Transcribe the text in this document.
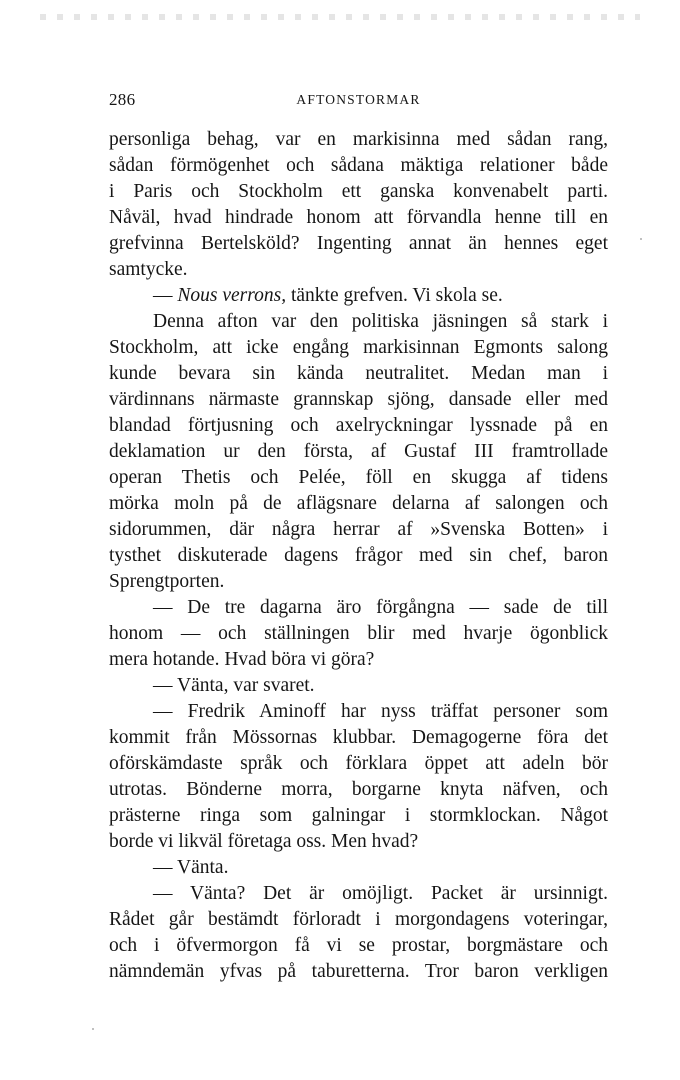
286	AFTONSTORMAR
personliga behag, var en markisinna med sådan rang,
sådan förmögenhet och sådana mäktiga relationer både
i Paris och Stockholm ett ganska konvenabelt parti.
Nåväl, hvad hindrade honom att förvandla henne till en
grefvinna Bertelsköld? Ingenting annat än hennes eget
samtycke.
— Nous verrons, tänkte grefven. Vi skola se.
Denna afton var den politiska jäsningen så stark i
Stockholm, att icke engång markisinnan Egmonts salong
kunde bevara sin kända neutralitet. Medan man i
värdinnans närmaste grannskap sjöng, dansade eller med
blandad förtjusning och axelryckningar lyssnade på en
deklamation ur den första, af Gustaf III framtrollade
operan Thetis och Pelée, föll en skugga af tidens
mörka moln på de aflägsnare delarna af salongen och
sidorummen, där några herrar af »Svenska Botten» i
tysthet diskuterade dagens frågor med sin chef, baron
Sprengtporten.
— De tre dagarna äro förgångna — sade de till
honom — och ställningen blir med hvarje ögonblick
mera hotande. Hvad böra vi göra?
— Vänta, var svaret.
— Fredrik Aminoff har nyss träffat personer som
kommit från Mössornas klubbar. Demagogerne föra det
oförskämdaste språk och förklara öppet att adeln bör
utrotas. Bönderne morra, borgarne knyta näfven, och
prästerne ringa som galningar i stormklockan. Något
borde vi likväl företaga oss. Men hvad?
— Vänta.
— Vänta? Det är omöjligt. Packet är ursinnigt.
Rådet går bestämdt förloradt i morgondagens voteringar,
och i öfvermorgon få vi se prostar, borgmästare och
nämndemän yfvas på taburetterna. Tror baron verkligen
